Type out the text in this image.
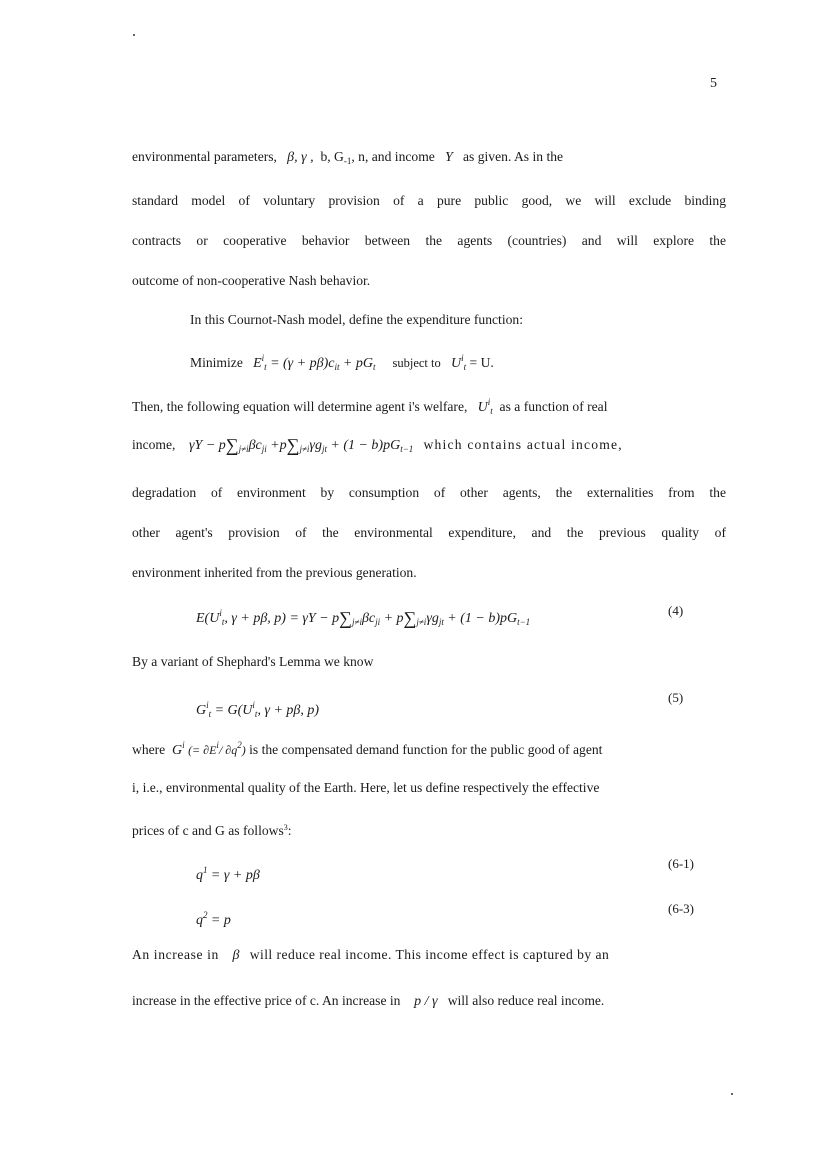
5
environmental parameters, β, γ , b, $G_{-1}$, n, and income Y as given. As in the
standard model of voluntary provision of a pure public good, we will exclude binding
contracts or cooperative behavior between the agents (countries) and will explore the
outcome of non-cooperative Nash behavior.
In this Cournot-Nash model, define the expenditure function:
Minimize $E^i_t = (\gamma + p\beta)c_{it} + pG_t$ subject to $U^i_t = U$.
Then, the following equation will determine agent i's welfare, $U^i_t$ as a function of real
income, $\gamma Y - p\sum_{j\ne i}\beta c_{ji} +p\sum_{j\ne i}\gamma g_{jt} + (1 - b)pG_{t-1}$ which contains actual income,
degradation of environment by consumption of other agents, the externalities from the
other agent's provision of the environmental expenditure, and the previous quality of
environment inherited from the previous generation.
$E(U^i_t$, γ + pβ, $p) = \gamma Y - p\sum_{j\ne i}\beta c_{ji} + p\sum_{j\ne i}\gamma g_{jt} + (1 - b)pG_{t-1}$
(4)
By a variant of Shephard's Lemma we know
$G^i_t = G(U^i_t$, γ + pβ, p)
(5)
where $G^i$ (= $\partial E^i/$ $\partial q^2$) is the compensated demand function for the public good of agent
i, i.e., environmental quality of the Earth. Here, let us define respectively the effective
prices of c and G as follows$^3$:
$q^1 = \gamma + p\beta$
(6-1)
$q^2 = p$
(6-3)
An increase in β will reduce real income. This income effect is captured by an
increase in the effective price of c. An increase in p / γ will also reduce real income.
